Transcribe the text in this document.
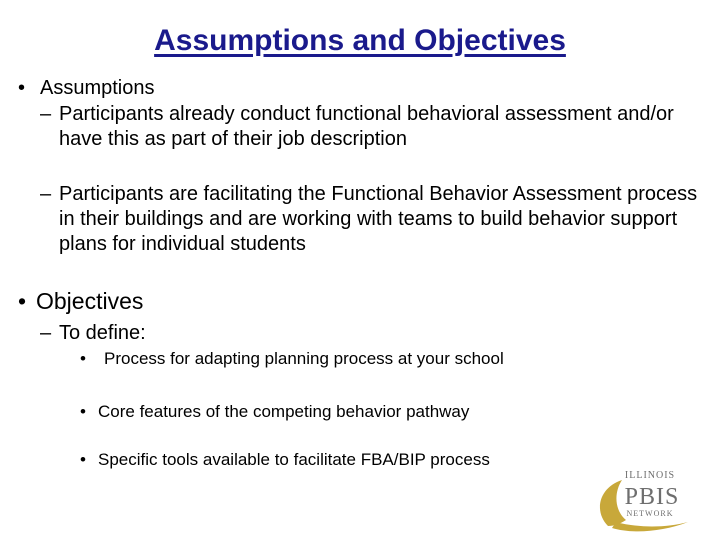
Assumptions and Objectives
• Assumptions
– Participants already conduct functional behavioral assessment and/or have this as part of their job description
– Participants are facilitating the Functional Behavior Assessment process in their buildings and are working with teams to build behavior support plans for individual students
• Objectives
– To define:
•	Process for adapting planning process at your school
• Core features of the competing behavior pathway
• Specific tools available to facilitate FBA/BIP process
ILLINOIS
PBIS
NETWORK
